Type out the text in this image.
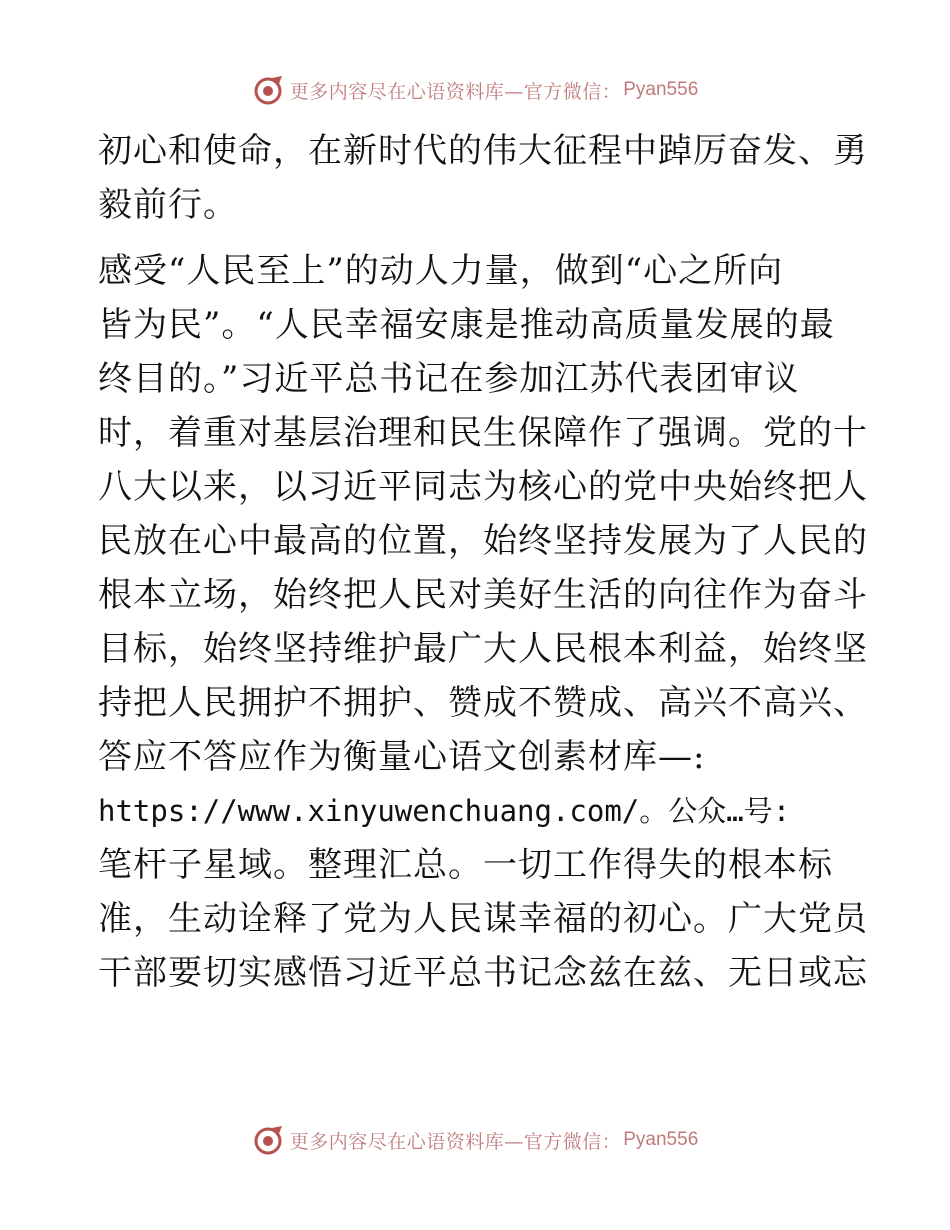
更多内容尽在心语资料库—官方微信： Pyan556
初心和使命，在新时代的伟大征程中踔厉奋发、勇
毅前行。
感受“人民至上”的动人力量，做到“心之所向
皆为民”。“人民幸福安康是推动高质量发展的最
终目的。”习近平总书记在参加江苏代表团审议
时，着重对基层治理和民生保障作了强调。党的十
八大以来，以习近平同志为核心的党中央始终把人
民放在心中最高的位置，始终坚持发展为了人民的
根本立场，始终把人民对美好生活的向往作为奋斗
目标，始终坚持维护最广大人民根本利益，始终坚
持把人民拥护不拥护、赞成不赞成、高兴不高兴、
答应不答应作为衡量心语文创素材库—:
https://www.xinyuwenchuang.com/。公众…号:
笔杆子星域。整理汇总。一切工作得失的根本标
准，生动诠释了党为人民谋幸福的初心。广大党员
干部要切实感悟习近平总书记念兹在兹、无日或忘
更多内容尽在心语资料库—官方微信： Pyan556
